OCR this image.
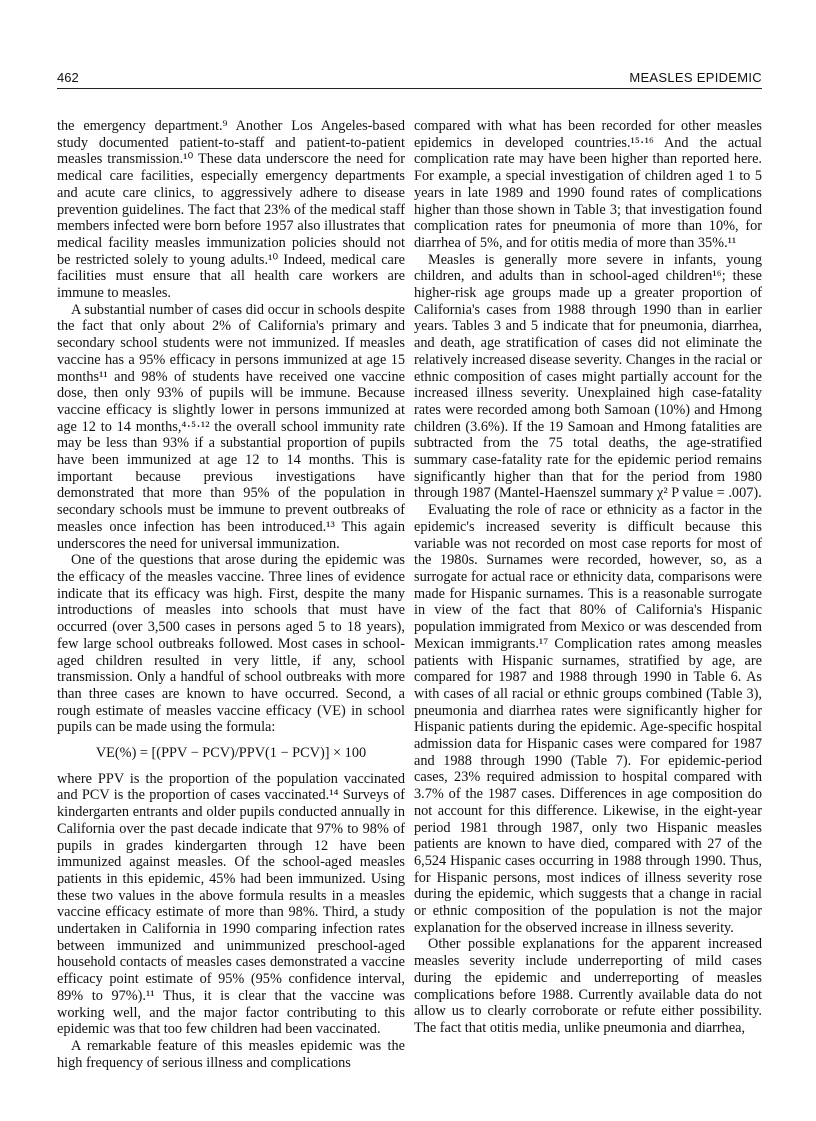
462	MEASLES EPIDEMIC

the emergency department.⁹ Another Los Angeles-based study documented patient-to-staff and patient-to-patient measles transmission.¹⁰ These data underscore the need for medical care facilities, especially emergency departments and acute care clinics, to aggressively adhere to disease prevention guidelines. The fact that 23% of the medical staff members infected were born before 1957 also illustrates that medical facility measles immunization policies should not be restricted solely to young adults.¹⁰ Indeed, medical care facilities must ensure that all health care workers are immune to measles.

A substantial number of cases did occur in schools despite the fact that only about 2% of California's primary and secondary school students were not immunized. If measles vaccine has a 95% efficacy in persons immunized at age 15 months¹¹ and 98% of students have received one vaccine dose, then only 93% of pupils will be immune. Because vaccine efficacy is slightly lower in persons immunized at age 12 to 14 months,⁴·⁵·¹² the overall school immunity rate may be less than 93% if a substantial proportion of pupils have been immunized at age 12 to 14 months. This is important because previous investigations have demonstrated that more than 95% of the population in secondary schools must be immune to prevent outbreaks of measles once infection has been introduced.¹³ This again underscores the need for universal immunization.

One of the questions that arose during the epidemic was the efficacy of the measles vaccine. Three lines of evidence indicate that its efficacy was high. First, despite the many introductions of measles into schools that must have occurred (over 3,500 cases in persons aged 5 to 18 years), few large school outbreaks followed. Most cases in school-aged children resulted in very little, if any, school transmission. Only a handful of school outbreaks with more than three cases are known to have occurred. Second, a rough estimate of measles vaccine efficacy (VE) in school pupils can be made using the formula:

VE(%) = [(PPV − PCV)/PPV(1 − PCV)] × 100

where PPV is the proportion of the population vaccinated and PCV is the proportion of cases vaccinated.¹⁴ Surveys of kindergarten entrants and older pupils conducted annually in California over the past decade indicate that 97% to 98% of pupils in grades kindergarten through 12 have been immunized against measles. Of the school-aged measles patients in this epidemic, 45% had been immunized. Using these two values in the above formula results in a measles vaccine efficacy estimate of more than 98%. Third, a study undertaken in California in 1990 comparing infection rates between immunized and unimmunized preschool-aged household contacts of measles cases demonstrated a vaccine efficacy point estimate of 95% (95% confidence interval, 89% to 97%).¹¹ Thus, it is clear that the vaccine was working well, and the major factor contributing to this epidemic was that too few children had been vaccinated.

A remarkable feature of this measles epidemic was the high frequency of serious illness and complications

compared with what has been recorded for other measles epidemics in developed countries.¹⁵·¹⁶ And the actual complication rate may have been higher than reported here. For example, a special investigation of children aged 1 to 5 years in late 1989 and 1990 found rates of complications higher than those shown in Table 3; that investigation found complication rates for pneumonia of more than 10%, for diarrhea of 5%, and for otitis media of more than 35%.¹¹

Measles is generally more severe in infants, young children, and adults than in school-aged children¹⁶; these higher-risk age groups made up a greater proportion of California's cases from 1988 through 1990 than in earlier years. Tables 3 and 5 indicate that for pneumonia, diarrhea, and death, age stratification of cases did not eliminate the relatively increased disease severity. Changes in the racial or ethnic composition of cases might partially account for the increased illness severity. Unexplained high case-fatality rates were recorded among both Samoan (10%) and Hmong children (3.6%). If the 19 Samoan and Hmong fatalities are subtracted from the 75 total deaths, the age-stratified summary case-fatality rate for the epidemic period remains significantly higher than that for the period from 1980 through 1987 (Mantel-Haenszel summary χ² P value = .007).

Evaluating the role of race or ethnicity as a factor in the epidemic's increased severity is difficult because this variable was not recorded on most case reports for most of the 1980s. Surnames were recorded, however, so, as a surrogate for actual race or ethnicity data, comparisons were made for Hispanic surnames. This is a reasonable surrogate in view of the fact that 80% of California's Hispanic population immigrated from Mexico or was descended from Mexican immigrants.¹⁷ Complication rates among measles patients with Hispanic surnames, stratified by age, are compared for 1987 and 1988 through 1990 in Table 6. As with cases of all racial or ethnic groups combined (Table 3), pneumonia and diarrhea rates were significantly higher for Hispanic patients during the epidemic. Age-specific hospital admission data for Hispanic cases were compared for 1987 and 1988 through 1990 (Table 7). For epidemic-period cases, 23% required admission to hospital compared with 3.7% of the 1987 cases. Differences in age composition do not account for this difference. Likewise, in the eight-year period 1981 through 1987, only two Hispanic measles patients are known to have died, compared with 27 of the 6,524 Hispanic cases occurring in 1988 through 1990. Thus, for Hispanic persons, most indices of illness severity rose during the epidemic, which suggests that a change in racial or ethnic composition of the population is not the major explanation for the observed increase in illness severity.

Other possible explanations for the apparent increased measles severity include underreporting of mild cases during the epidemic and underreporting of measles complications before 1988. Currently available data do not allow us to clearly corroborate or refute either possibility. The fact that otitis media, unlike pneumonia and diarrhea,
